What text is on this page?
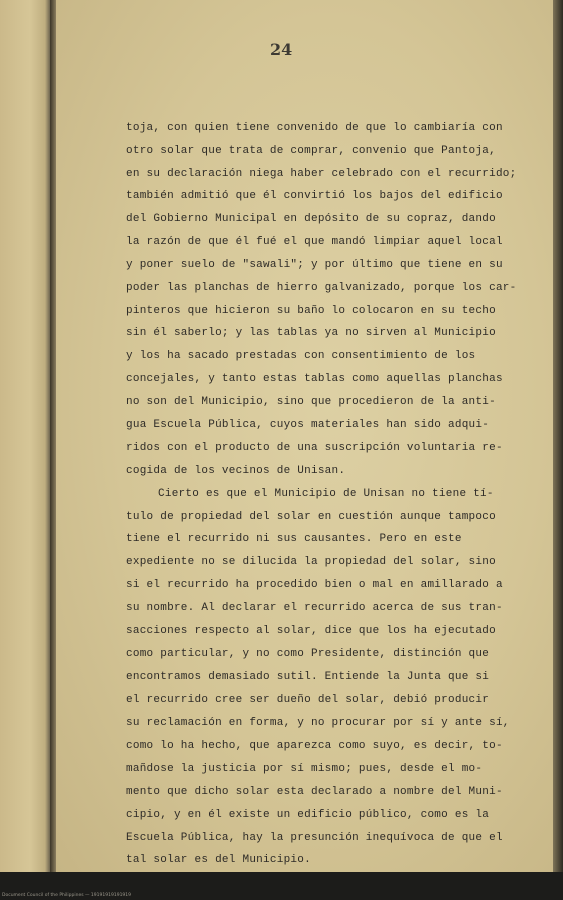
24
toja, con quien tiene convenido de que lo cambiaría con
otro solar que trata de comprar, convenio que Pantoja,
en su declaración niega haber celebrado con el recurrido;
también admitió que él convirtió los bajos del edificio
del Gobierno Municipal en depósito de su copraz, dando
la razón de que él fué el que mandó limpiar aquel local
y poner suelo de "sawali"; y por último que tiene en su
poder las planchas de hierro galvanizado, porque los car-
pinteros que hicieron su baño lo colocaron en su techo
sin él saberlo; y las tablas ya no sirven al Municipio
y los ha sacado prestadas con consentimiento de los
concejales, y tanto estas tablas como aquellas planchas
no son del Municipio, sino que procedieron de la anti-
gua Escuela Pública, cuyos materiales han sido adqui-
ridos con el producto de una suscripción voluntaria re-
cogida de los vecinos de Unisan.
Cierto es que el Municipio de Unisan no tiene tí-
tulo de propiedad del solar en cuestión aunque tampoco
tiene el recurrido ni sus causantes. Pero en este
expediente no se dilucida la propiedad del solar, sino
si el recurrido ha procedido bien o mal en amillarado a
su nombre. Al declarar el recurrido acerca de sus tran-
sacciones respecto al solar, dice que los ha ejecutado
como particular, y no como Presidente, distinción que
encontramos demasiado sutil. Entiende la Junta que si
el recurrido cree ser dueño del solar, debió producir
su reclamación en forma, y no procurar por sí y ante sí,
como lo ha hecho, que aparezca como suyo, es decir, to-
mañdose la justicia por sí mismo; pues, desde el mo-
mento que dicho solar esta declarado a nombre del Muni-
cipio, y en él existe un edificio público, como es la
Escuela Pública, hay la presunción inequívoca de que el
tal solar es del Municipio.
Document Council of the Philippines — 19191919191919
